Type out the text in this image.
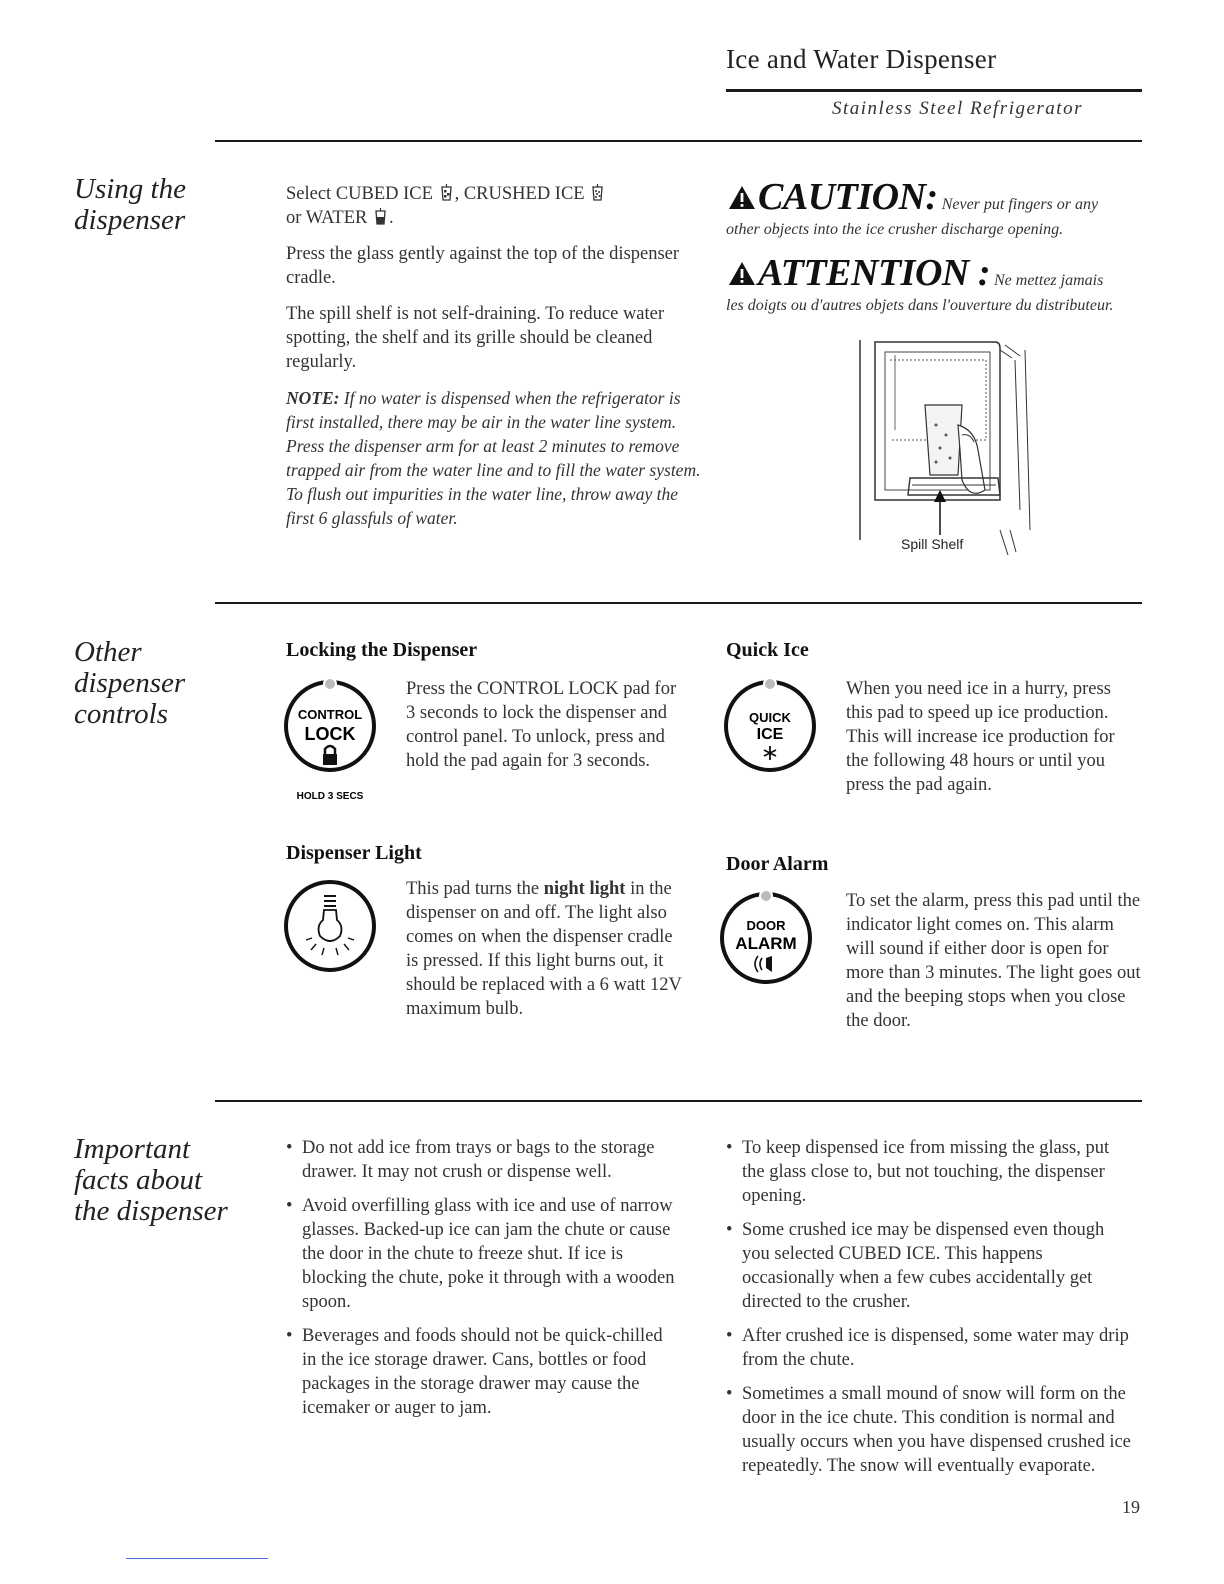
Ice and Water Dispenser
Stainless Steel Refrigerator
Using the
dispenser

Select CUBED ICE , CRUSHED ICE
or WATER .

Press the glass gently against the top of the dispenser cradle.

The spill shelf is not self-draining. To reduce water spotting, the shelf and its grille should be cleaned regularly.

NOTE: If no water is dispensed when the refrigerator is first installed, there may be air in the water line system. Press the dispenser arm for at least 2 minutes to remove trapped air from the water line and to fill the water system. To flush out impurities in the water line, throw away the first 6 glassfuls of water.

CAUTION: Never put fingers or any

other objects into the ice crusher discharge opening.

ATTENTION : Ne mettez jamais

les doigts ou d'autres objets dans l'ouverture du distributeur.

Spill Shelf
Other
dispenser
controls
Locking the Dispenser
CONTROL
LOCK
HOLD 3 SECS

Press the CONTROL LOCK pad for 3 seconds to lock the dispenser and control panel. To unlock, press and hold the pad again for 3 seconds.

Quick Ice
QUICK
ICE

When you need ice in a hurry, press this pad to speed up ice production. This will increase ice production for the following 48 hours or until you press the pad again.

Dispenser Light

This pad turns the night light in the dispenser on and off. The light also comes on when the dispenser cradle is pressed. If this light burns out, it should be replaced with a 6 watt 12V maximum bulb.

Door Alarm
DOOR
ALARM

To set the alarm, press this pad until the indicator light comes on. This alarm will sound if either door is open for more than 3 minutes. The light goes out and the beeping stops when you close the door.

Important
facts about
the dispenser
• Do not add ice from trays or bags to the storage drawer. It may not crush or dispense well.
• Avoid overfilling glass with ice and use of narrow glasses. Backed-up ice can jam the chute or cause the door in the chute to freeze shut. If ice is blocking the chute, poke it through with a wooden spoon.
• Beverages and foods should not be quick-chilled in the ice storage drawer. Cans, bottles or food packages in the storage drawer may cause the icemaker or auger to jam.
• To keep dispensed ice from missing the glass, put the glass close to, but not touching, the dispenser opening.
• Some crushed ice may be dispensed even though you selected CUBED ICE. This happens occasionally when a few cubes accidentally get directed to the crusher.
• After crushed ice is dispensed, some water may drip from the chute.
• Sometimes a small mound of snow will form on the door in the ice chute. This condition is normal and usually occurs when you have dispensed crushed ice repeatedly. The snow will eventually evaporate.
19
